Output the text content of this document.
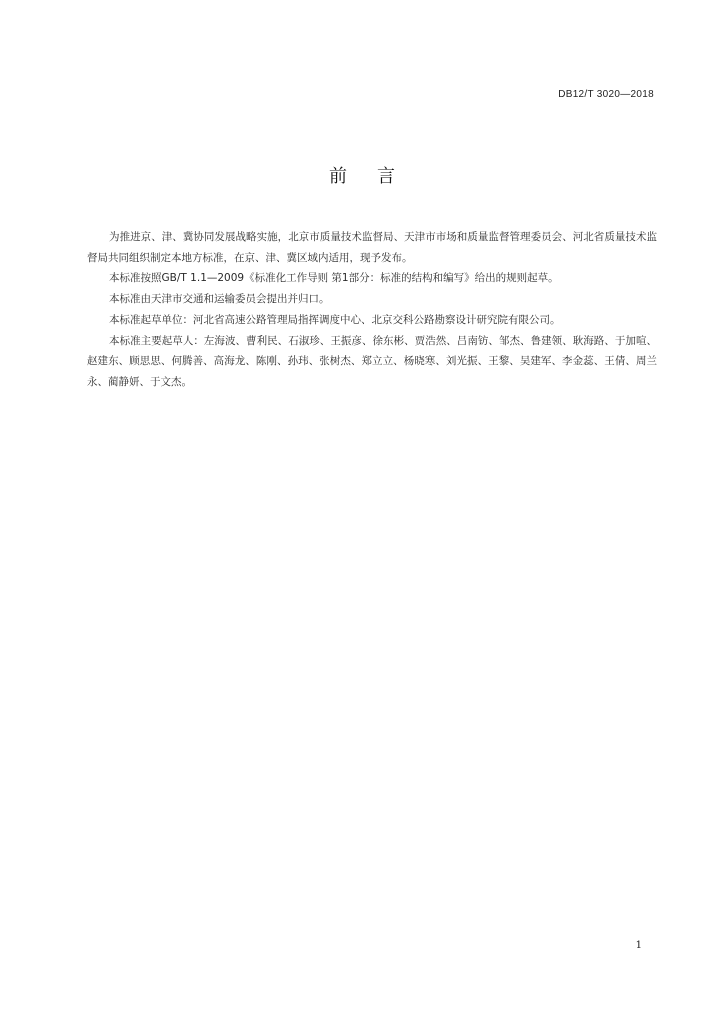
DB12/T 3020—2018
前言

为推进京、津、冀协同发展战略实施，北京市质量技术监督局、天津市市场和质量监督管理委员会、河北省质量技术监督局共同组织制定本地方标准，在京、津、冀区域内适用，现予发布。

本标准按照GB/T 1.1—2009《标准化工作导则 第1部分：标准的结构和编写》给出的规则起草。

本标准由天津市交通和运输委员会提出并归口。

本标准起草单位：河北省高速公路管理局指挥调度中心、北京交科公路勘察设计研究院有限公司。

本标准主要起草人：左海波、曹利民、石淑珍、王振彦、徐东彬、贾浩然、吕南钫、邹杰、鲁建领、耿海路、于加喧、赵建东、顾思思、何腾善、高海龙、陈刚、孙玮、张树杰、郑立立、杨晓寒、刘光振、王黎、吴建军、李金蕊、王倩、周兰永、蔺静妍、于文杰。

1
